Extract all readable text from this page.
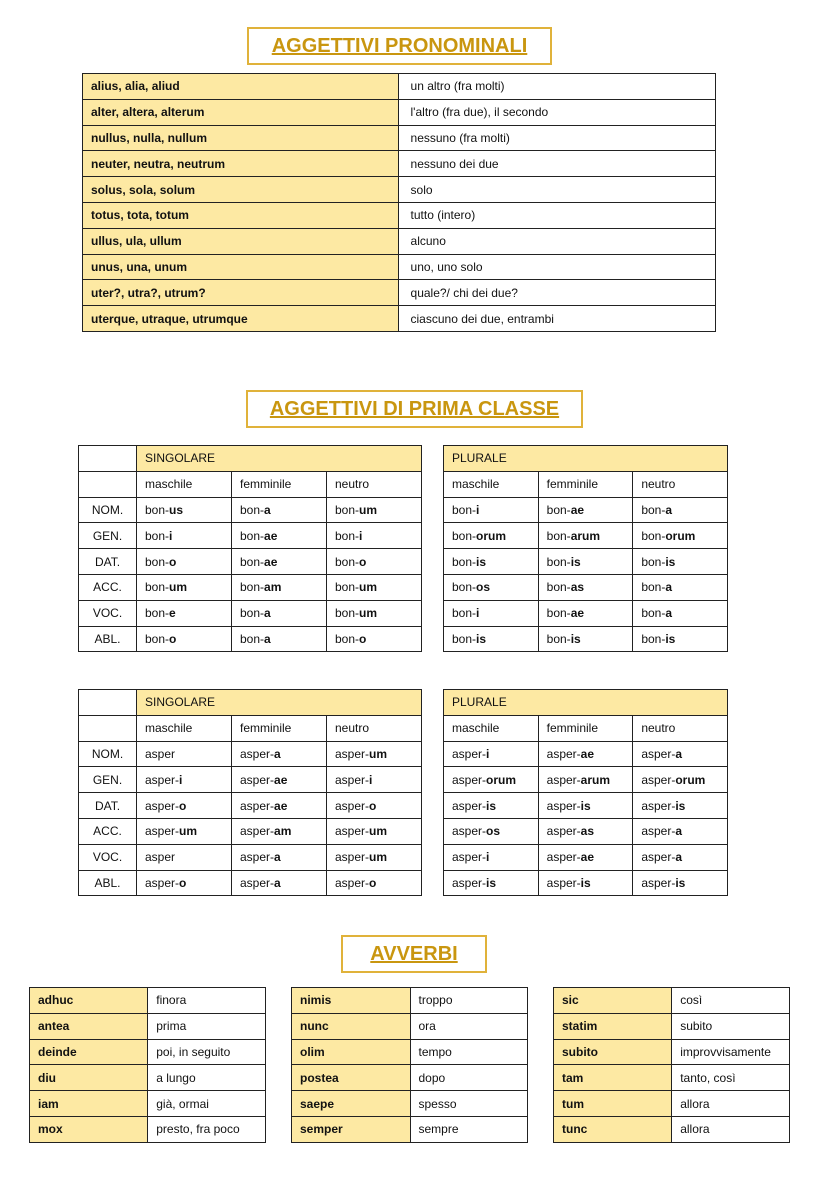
AGGETTIVI PRONOMINALI
alius, alia, aliud	un altro (fra molti)
alter, altera, alterum	l'altro (fra due), il secondo
nullus, nulla, nullum	nessuno (fra molti)
neuter, neutra, neutrum	nessuno dei due
solus, sola, solum	solo
totus, tota, totum	tutto (intero)
ullus, ula, ullum	alcuno
unus, una, unum	uno, uno solo
uter?, utra?, utrum?	quale?/ chi dei due?
uterque, utraque, utrumque	ciascuno dei due, entrambi
AGGETTIVI DI PRIMA CLASSE
	SINGOLARE		
	maschile	femminile	neutro
NOM.	bon-us	bon-a	bon-um
GEN.	bon-i	bon-ae	bon-i
DAT.	bon-o	bon-ae	bon-o
ACC.	bon-um	bon-am	bon-um
VOC.	bon-e	bon-a	bon-um
ABL.	bon-o	bon-a	bon-o
PLURALE		
maschile	femminile	neutro
bon-i	bon-ae	bon-a
bon-orum	bon-arum	bon-orum
bon-is	bon-is	bon-is
bon-os	bon-as	bon-a
bon-i	bon-ae	bon-a
bon-is	bon-is	bon-is
	SINGOLARE		
	maschile	femminile	neutro
NOM.	asper	asper-a	asper-um
GEN.	asper-i	asper-ae	asper-i
DAT.	asper-o	asper-ae	asper-o
ACC.	asper-um	asper-am	asper-um
VOC.	asper	asper-a	asper-um
ABL.	asper-o	asper-a	asper-o
PLURALE		
maschile	femminile	neutro
asper-i	asper-ae	asper-a
asper-orum	asper-arum	asper-orum
asper-is	asper-is	asper-is
asper-os	asper-as	asper-a
asper-i	asper-ae	asper-a
asper-is	asper-is	asper-is
AVVERBI
adhuc	finora
antea	prima
deinde	poi, in seguito
diu	a lungo
iam	già, ormai
mox	presto, fra poco
nimis	troppo
nunc	ora
olim	tempo
postea	dopo
saepe	spesso
semper	sempre
sic	così
statim	subito
subito	improvvisamente
tam	tanto, così
tum	allora
tunc	allora
